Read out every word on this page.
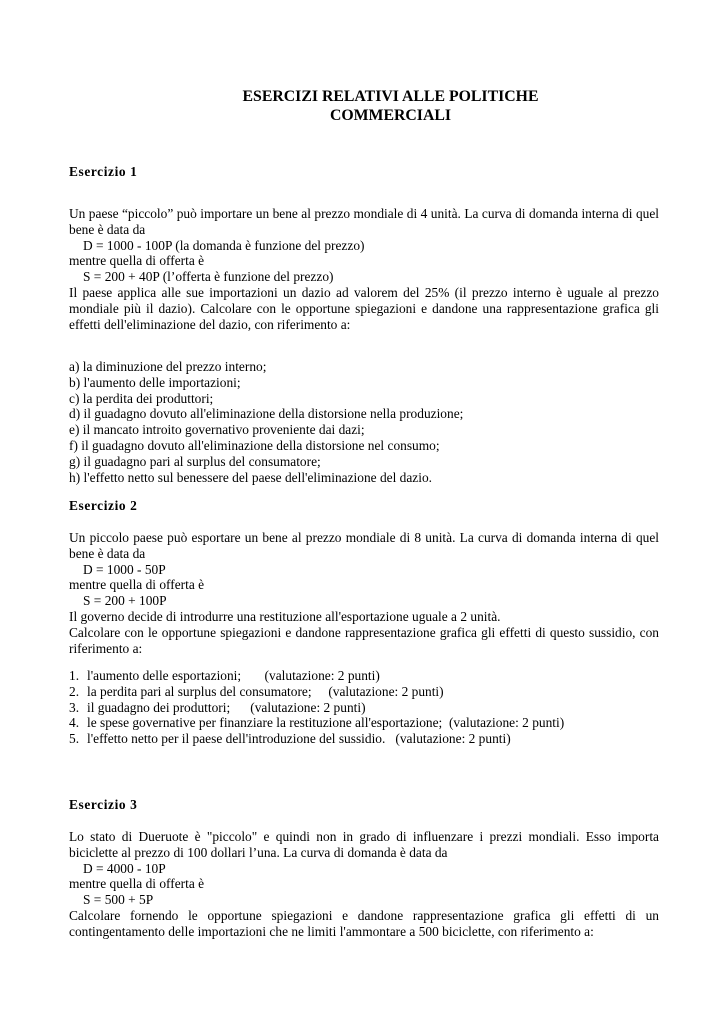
ESERCIZI RELATIVI ALLE POLITICHE
COMMERCIALI
Esercizio 1

Un paese “piccolo” può importare un bene al prezzo mondiale di 4 unità. La curva di domanda interna di quel bene è data da

D = 1000 - 100P (la domanda è funzione del prezzo)

mentre quella di offerta è

S = 200 + 40P (l’offerta è funzione del prezzo)

Il paese applica alle sue importazioni un dazio ad valorem del 25% (il prezzo interno è uguale al prezzo mondiale più il dazio). Calcolare con le opportune spiegazioni e dandone una rappresentazione grafica gli effetti dell'eliminazione del dazio, con riferimento a:

a) la diminuzione del prezzo interno;
b) l'aumento delle importazioni;
c) la perdita dei produttori;
d) il guadagno dovuto all'eliminazione della distorsione nella produzione;
e) il mancato introito governativo proveniente dai dazi;
f) il guadagno dovuto all'eliminazione della distorsione nel consumo;
g) il guadagno pari al surplus del consumatore;
h) l'effetto netto sul benessere del paese dell'eliminazione del dazio.
Esercizio 2

Un piccolo paese può esportare un bene al prezzo mondiale di 8 unità. La curva di domanda interna di quel bene è data da

D = 1000 - 50P

mentre quella di offerta è

S = 200 + 100P

Il governo decide di introdurre una restituzione all'esportazione uguale a 2 unità.

Calcolare con le opportune spiegazioni e dandone rappresentazione grafica gli effetti di questo sussidio, con riferimento a:

1. l'aumento delle esportazioni;       (valutazione: 2 punti)
2. la perdita pari al surplus del consumatore;     (valutazione: 2 punti)
3. il guadagno dei produttori;      (valutazione: 2 punti)
4. le spese governative per finanziare la restituzione all'esportazione;  (valutazione: 2 punti)
5. l'effetto netto per il paese dell'introduzione del sussidio.   (valutazione: 2 punti)
Esercizio 3

Lo stato di Dueruote è "piccolo" e quindi non in grado di influenzare i prezzi mondiali. Esso importa biciclette al prezzo di 100 dollari l’una. La curva di domanda è data da

D = 4000 - 10P

mentre quella di offerta è

S = 500 + 5P

Calcolare fornendo le opportune spiegazioni e dandone rappresentazione grafica gli effetti di un contingentamento delle importazioni che ne limiti l'ammontare a 500 biciclette, con riferimento a:
